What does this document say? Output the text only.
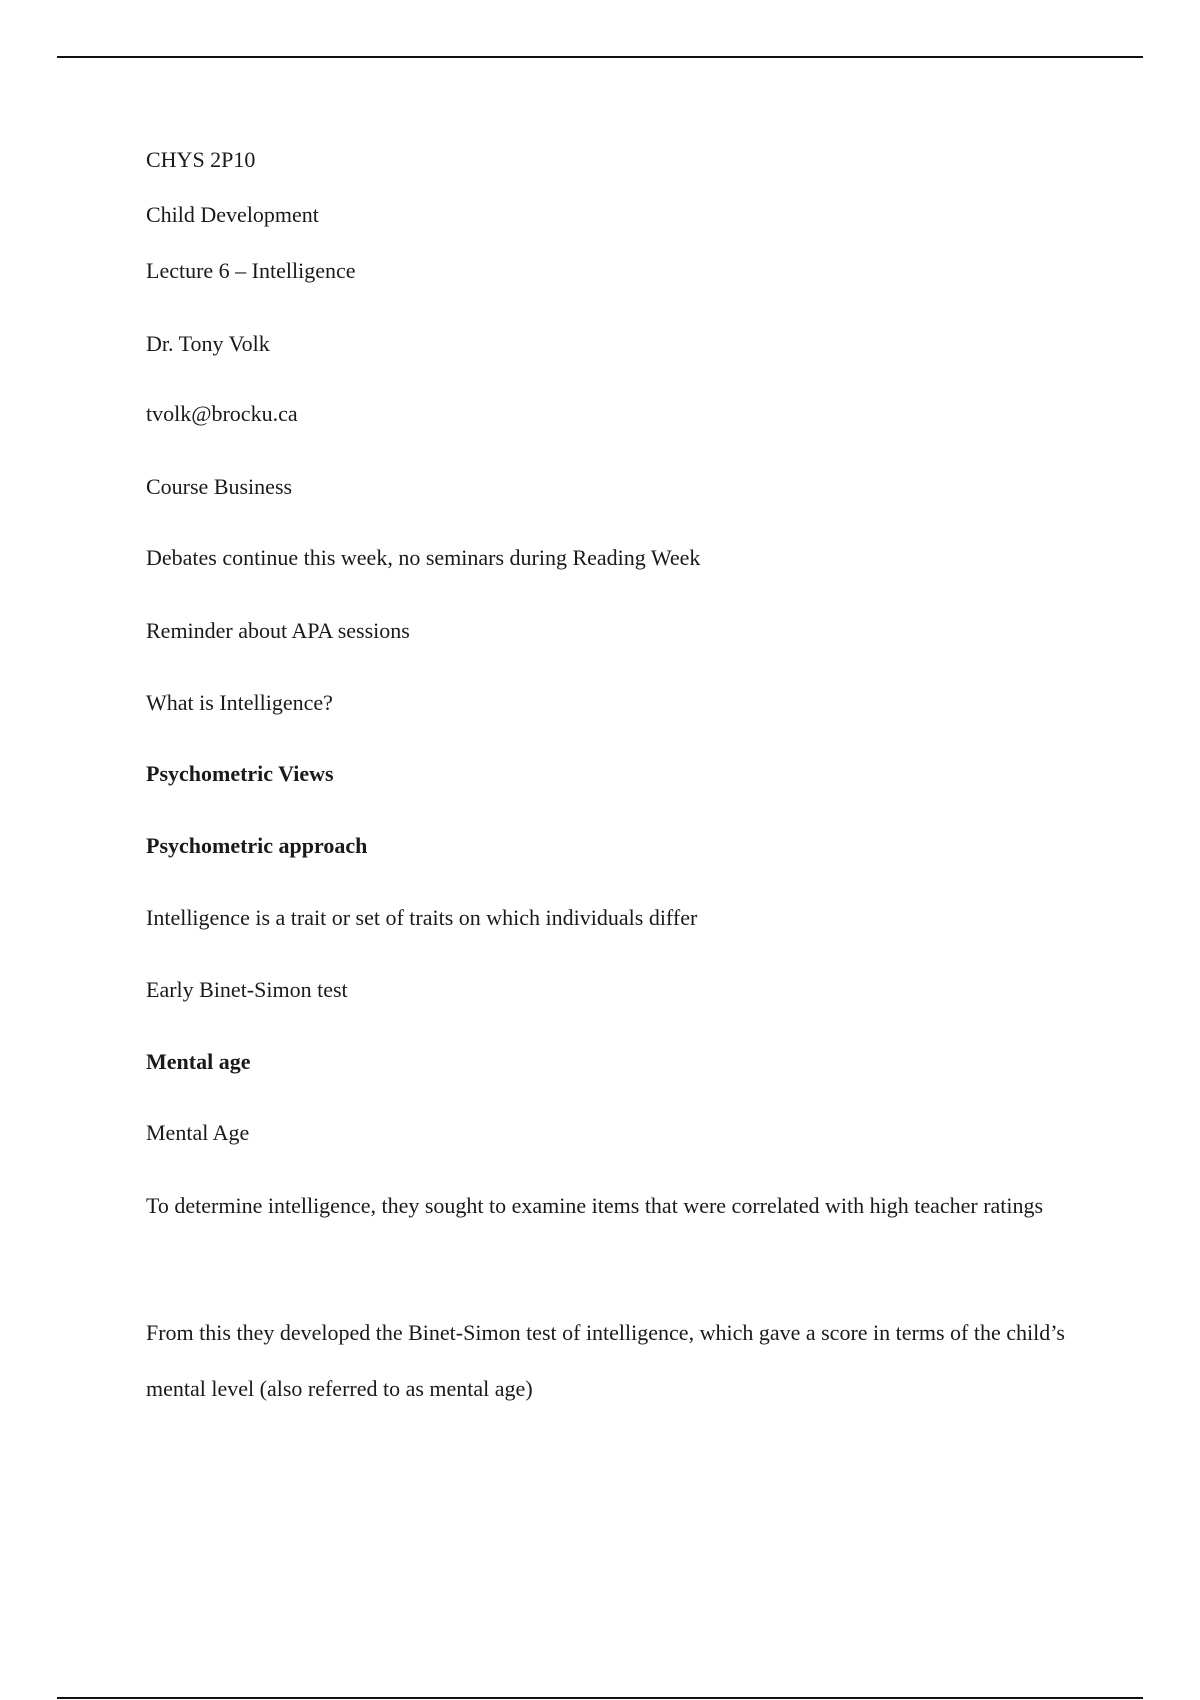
CHYS 2P10

Child Development

Lecture 6 – Intelligence

Dr. Tony Volk

tvolk@brocku.ca

Course Business

Debates continue this week, no seminars during Reading Week

Reminder about APA sessions

What is Intelligence?

Psychometric Views

Psychometric approach

Intelligence is a trait or set of traits on which individuals differ

Early Binet-Simon test

Mental age

Mental Age

To determine intelligence, they sought to examine items that were correlated with high teacher ratings

From this they developed the Binet-Simon test of intelligence, which gave a score in terms of the child’s mental level (also referred to as mental age)
